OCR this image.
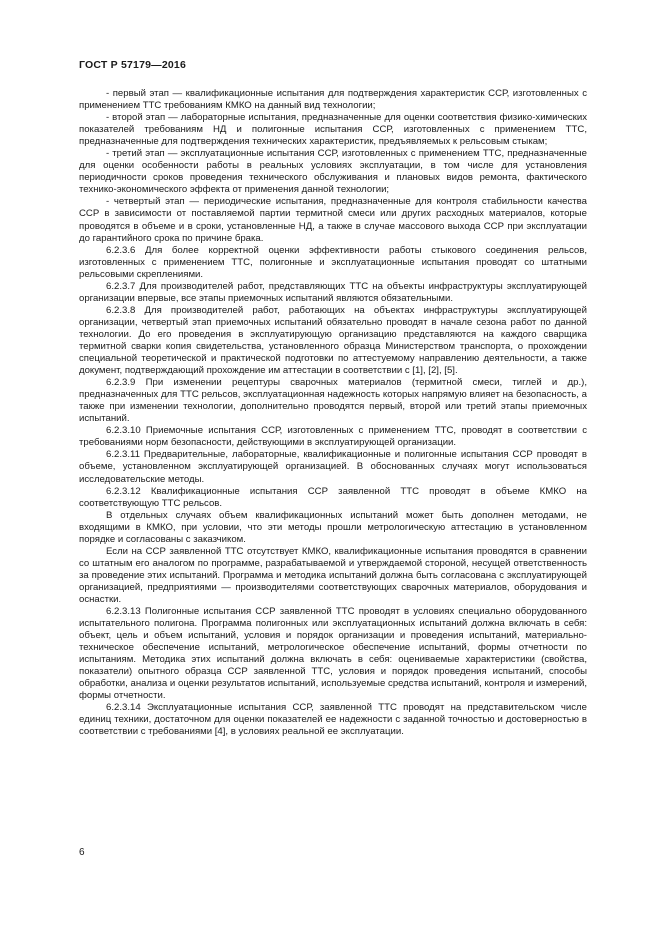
ГОСТ Р 57179—2016

- первый этап — квалификационные испытания для подтверждения характеристик ССР, изготовленных с применением ТТС требованиям КМКО на данный вид технологии;

- второй этап — лабораторные испытания, предназначенные для оценки соответствия физико-химических показателей требованиям НД и полигонные испытания ССР, изготовленных с применением ТТС, предназначенные для подтверждения технических характеристик, предъявляемых к рельсовым стыкам;

- третий этап — эксплуатационные испытания ССР, изготовленных с применением ТТС, предназначенные для оценки особенности работы в реальных условиях эксплуатации, в том числе для установления периодичности сроков проведения технического обслуживания и плановых видов ремонта, фактического технико-экономического эффекта от применения данной технологии;

- четвертый этап — периодические испытания, предназначенные для контроля стабильности качества ССР в зависимости от поставляемой партии термитной смеси или других расходных материалов, которые проводятся в объеме и в сроки, установленные НД, а также в случае массового выхода ССР при эксплуатации до гарантийного срока по причине брака.

6.2.3.6 Для более корректной оценки эффективности работы стыкового соединения рельсов, изготовленных с применением ТТС, полигонные и эксплуатационные испытания проводят со штатными рельсовыми скреплениями.

6.2.3.7 Для производителей работ, представляющих ТТС на объекты инфраструктуры эксплуатирующей организации впервые, все этапы приемочных испытаний являются обязательными.

6.2.3.8 Для производителей работ, работающих на объектах инфраструктуры эксплуатирующей организации, четвертый этап приемочных испытаний обязательно проводят в начале сезона работ по данной технологии. До его проведения в эксплуатирующую организацию представляются на каждого сварщика термитной сварки копия свидетельства, установленного образца Министерством транспорта, о прохождении специальной теоретической и практической подготовки по аттестуемому направлению деятельности, а также документ, подтверждающий прохождение им аттестации в соответствии с [1], [2], [5].

6.2.3.9 При изменении рецептуры сварочных материалов (термитной смеси, тиглей и др.), предназначенных для ТТС рельсов, эксплуатационная надежность которых напрямую влияет на безопасность, а также при изменении технологии, дополнительно проводятся первый, второй или третий этапы приемочных испытаний.

6.2.3.10 Приемочные испытания ССР, изготовленных с применением ТТС, проводят в соответствии с требованиями норм безопасности, действующими в эксплуатирующей организации.

6.2.3.11 Предварительные, лабораторные, квалификационные и полигонные испытания ССР проводят в объеме, установленном эксплуатирующей организацией. В обоснованных случаях могут использоваться исследовательские методы.

6.2.3.12 Квалификационные испытания ССР заявленной ТТС проводят в объеме КМКО на соответствующую ТТС рельсов.

В отдельных случаях объем квалификационных испытаний может быть дополнен методами, не входящими в КМКО, при условии, что эти методы прошли метрологическую аттестацию в установленном порядке и согласованы с заказчиком.

Если на ССР заявленной ТТС отсутствует КМКО, квалификационные испытания проводятся в сравнении со штатным его аналогом по программе, разрабатываемой и утверждаемой стороной, несущей ответственность за проведение этих испытаний. Программа и методика испытаний должна быть согласована с эксплуатирующей организацией, предприятиями — производителями соответствующих сварочных материалов, оборудования и оснастки.

6.2.3.13 Полигонные испытания ССР заявленной ТТС проводят в условиях специально оборудованного испытательного полигона. Программа полигонных или эксплуатационных испытаний должна включать в себя: объект, цель и объем испытаний, условия и порядок организации и проведения испытаний, материально-техническое обеспечение испытаний, метрологическое обеспечение испытаний, формы отчетности по испытаниям. Методика этих испытаний должна включать в себя: оцениваемые характеристики (свойства, показатели) опытного образца ССР заявленной ТТС, условия и порядок проведения испытаний, способы обработки, анализа и оценки результатов испытаний, используемые средства испытаний, контроля и измерений, формы отчетности.

6.2.3.14 Эксплуатационные испытания ССР, заявленной ТТС проводят на представительском числе единиц техники, достаточном для оценки показателей ее надежности с заданной точностью и достоверностью в соответствии с требованиями [4], в условиях реальной ее эксплуатации.

6
